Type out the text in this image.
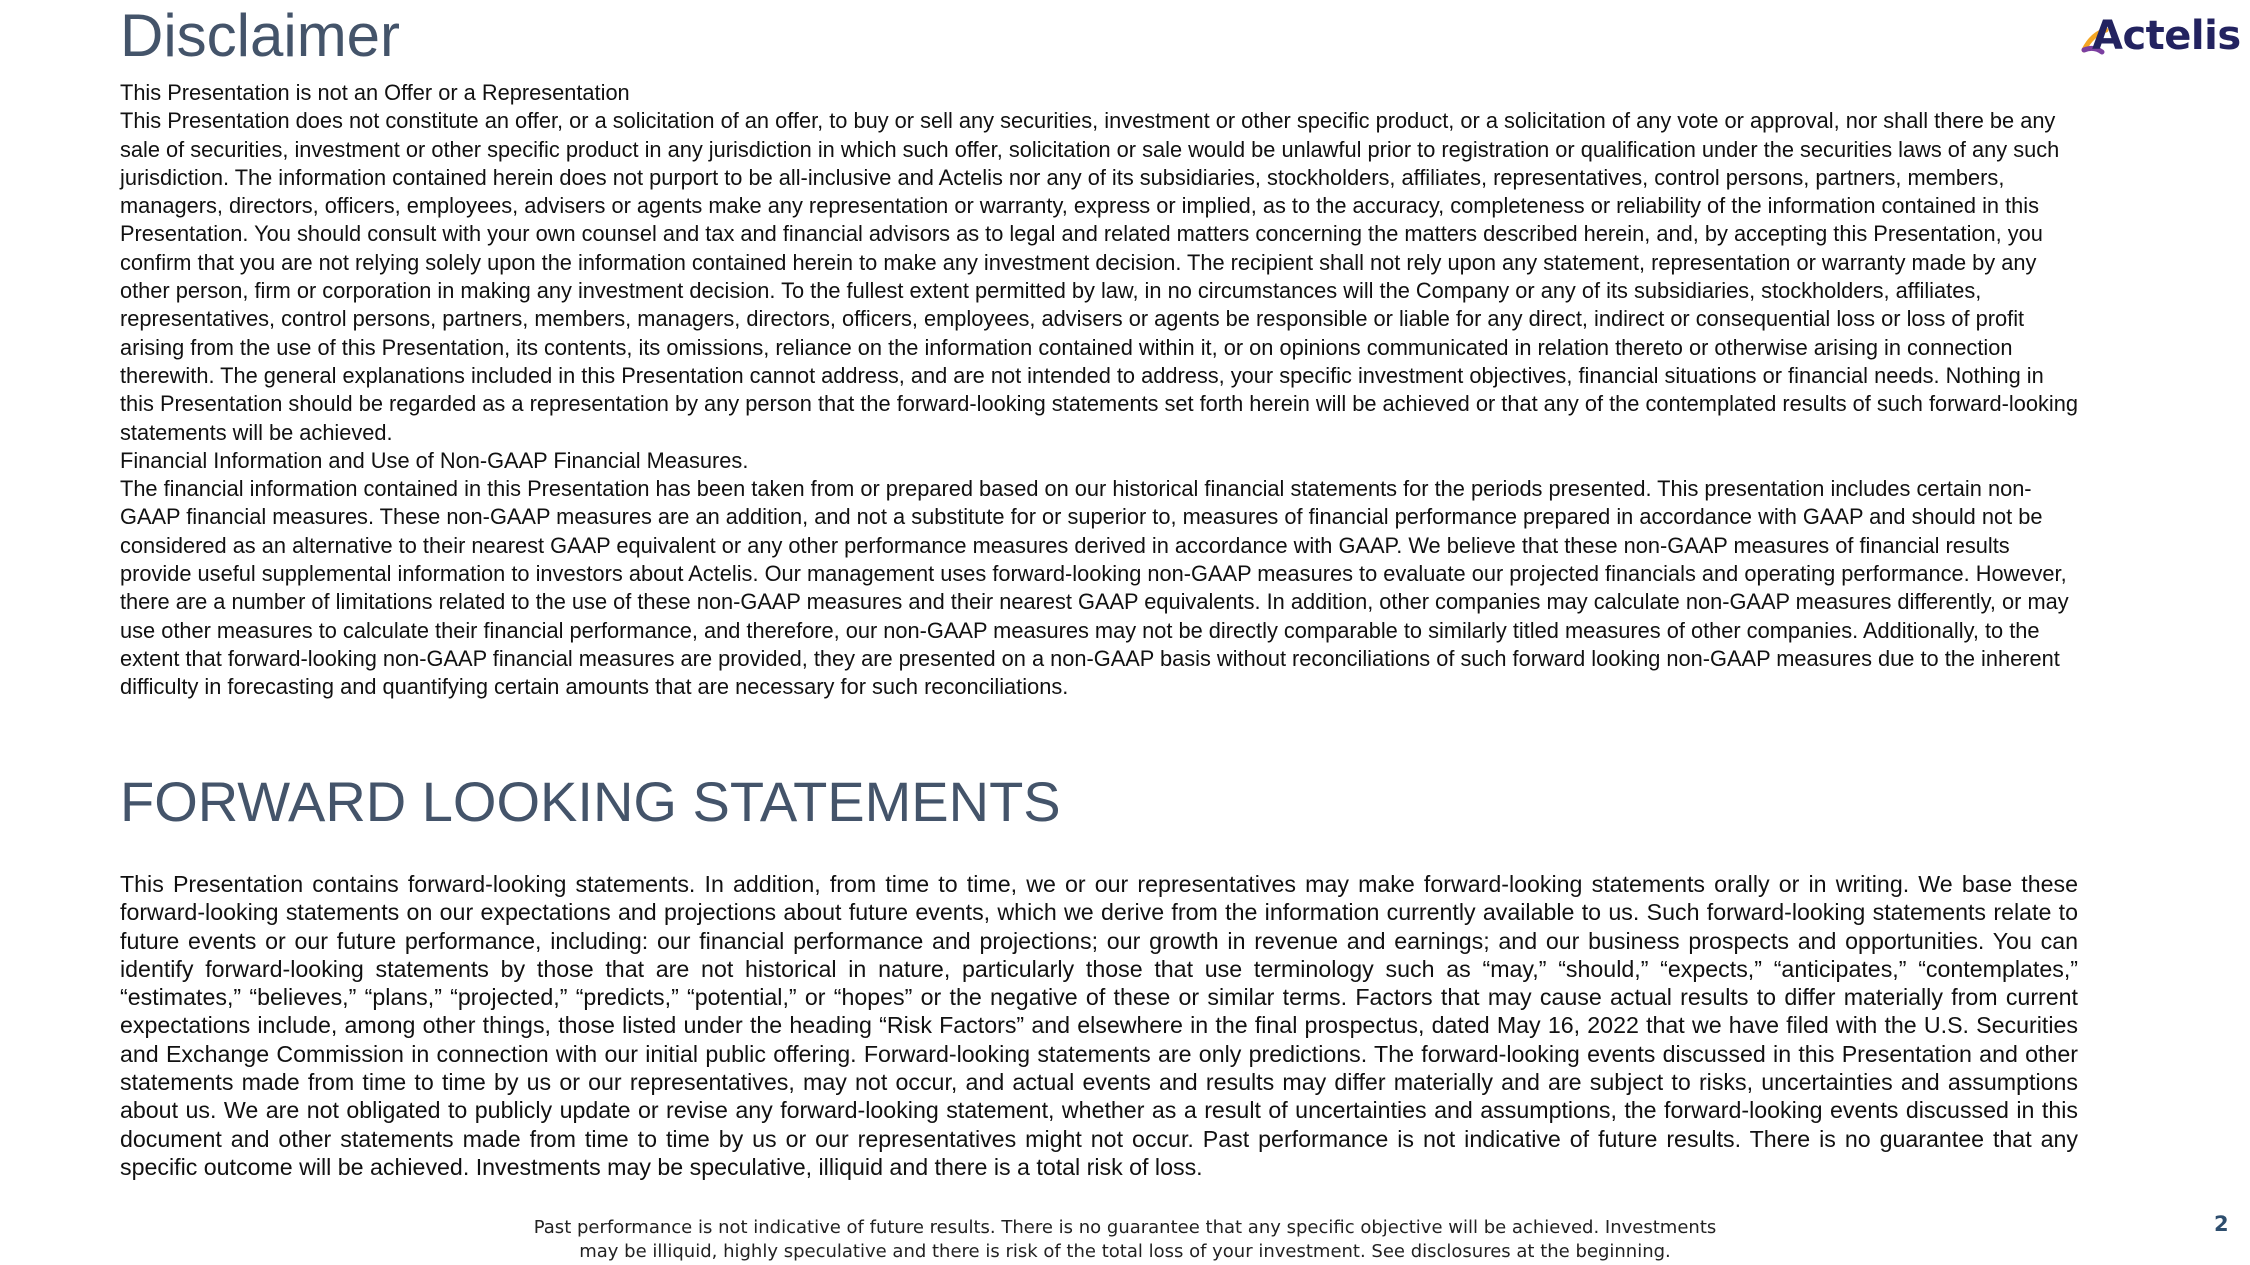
Disclaimer	Actelis

This Presentation is not an Offer or a Representation

This Presentation does not constitute an offer, or a solicitation of an offer, to buy or sell any securities, investment or other specific product, or a solicitation of any vote or approval, nor shall there be any sale of securities, investment or other specific product in any jurisdiction in which such offer, solicitation or sale would be unlawful prior to registration or qualification under the securities laws of any such jurisdiction. The information contained herein does not purport to be all-inclusive and Actelis nor any of its subsidiaries, stockholders, affiliates, representatives, control persons, partners, members, managers, directors, officers, employees, advisers or agents make any representation or warranty, express or implied, as to the accuracy, completeness or reliability of the information contained in this Presentation. You should consult with your own counsel and tax and financial advisors as to legal and related matters concerning the matters described herein, and, by accepting this Presentation, you confirm that you are not relying solely upon the information contained herein to make any investment decision. The recipient shall not rely upon any statement, representation or warranty made by any other person, firm or corporation in making any investment decision. To the fullest extent permitted by law, in no circumstances will the Company or any of its subsidiaries, stockholders, affiliates, representatives, control persons, partners, members, managers, directors, officers, employees, advisers or agents be responsible or liable for any direct, indirect or consequential loss or loss of profit arising from the use of this Presentation, its contents, its omissions, reliance on the information contained within it, or on opinions communicated in relation thereto or otherwise arising in connection therewith. The general explanations included in this Presentation cannot address, and are not intended to address, your specific investment objectives, financial situations or financial needs. Nothing in this Presentation should be regarded as a representation by any person that the forward-looking statements set forth herein will be achieved or that any of the contemplated results of such forward-looking statements will be achieved.

Financial Information and Use of Non-GAAP Financial Measures.

The financial information contained in this Presentation has been taken from or prepared based on our historical financial statements for the periods presented. This presentation includes certain non-GAAP financial measures. These non-GAAP measures are an addition, and not a substitute for or superior to, measures of financial performance prepared in accordance with GAAP and should not be considered as an alternative to their nearest GAAP equivalent or any other performance measures derived in accordance with GAAP. We believe that these non-GAAP measures of financial results provide useful supplemental information to investors about Actelis. Our management uses forward-looking non-GAAP measures to evaluate our projected financials and operating performance. However, there are a number of limitations related to the use of these non-GAAP measures and their nearest GAAP equivalents. In addition, other companies may calculate non-GAAP measures differently, or may use other measures to calculate their financial performance, and therefore, our non-GAAP measures may not be directly comparable to similarly titled measures of other companies. Additionally, to the extent that forward-looking non-GAAP financial measures are provided, they are presented on a non-GAAP basis without reconciliations of such forward looking non-GAAP measures due to the inherent difficulty in forecasting and quantifying certain amounts that are necessary for such reconciliations.

FORWARD LOOKING STATEMENTS

This Presentation contains forward-looking statements. In addition, from time to time, we or our representatives may make forward-looking statements orally or in writing. We base these forward-looking statements on our expectations and projections about future events, which we derive from the information currently available to us. Such forward-looking statements relate to future events or our future performance, including: our financial performance and projections; our growth in revenue and earnings; and our business prospects and opportunities. You can identify forward-looking statements by those that are not historical in nature, particularly those that use terminology such as “may,” “should,” “expects,” “anticipates,” “contemplates,” “estimates,” “believes,” “plans,” “projected,” “predicts,” “potential,” or “hopes” or the negative of these or similar terms. Factors that may cause actual results to differ materially from current expectations include, among other things, those listed under the heading “Risk Factors” and elsewhere in the final prospectus, dated May 16, 2022 that we have filed with the U.S. Securities and Exchange Commission in connection with our initial public offering. Forward-looking statements are only predictions. The forward-looking events discussed in this Presentation and other statements made from time to time by us or our representatives, may not occur, and actual events and results may differ materially and are subject to risks, uncertainties and assumptions about us. We are not obligated to publicly update or revise any forward-looking statement, whether as a result of uncertainties and assumptions, the forward-looking events discussed in this document and other statements made from time to time by us or our representatives might not occur. Past performance is not indicative of future results. There is no guarantee that any specific outcome will be achieved. Investments may be speculative, illiquid and there is a total risk of loss.

Past performance is not indicative of future results. There is no guarantee that any specific objective will be achieved. Investments
may be illiquid, highly speculative and there is risk of the total loss of your investment. See disclosures at the beginning.
2
